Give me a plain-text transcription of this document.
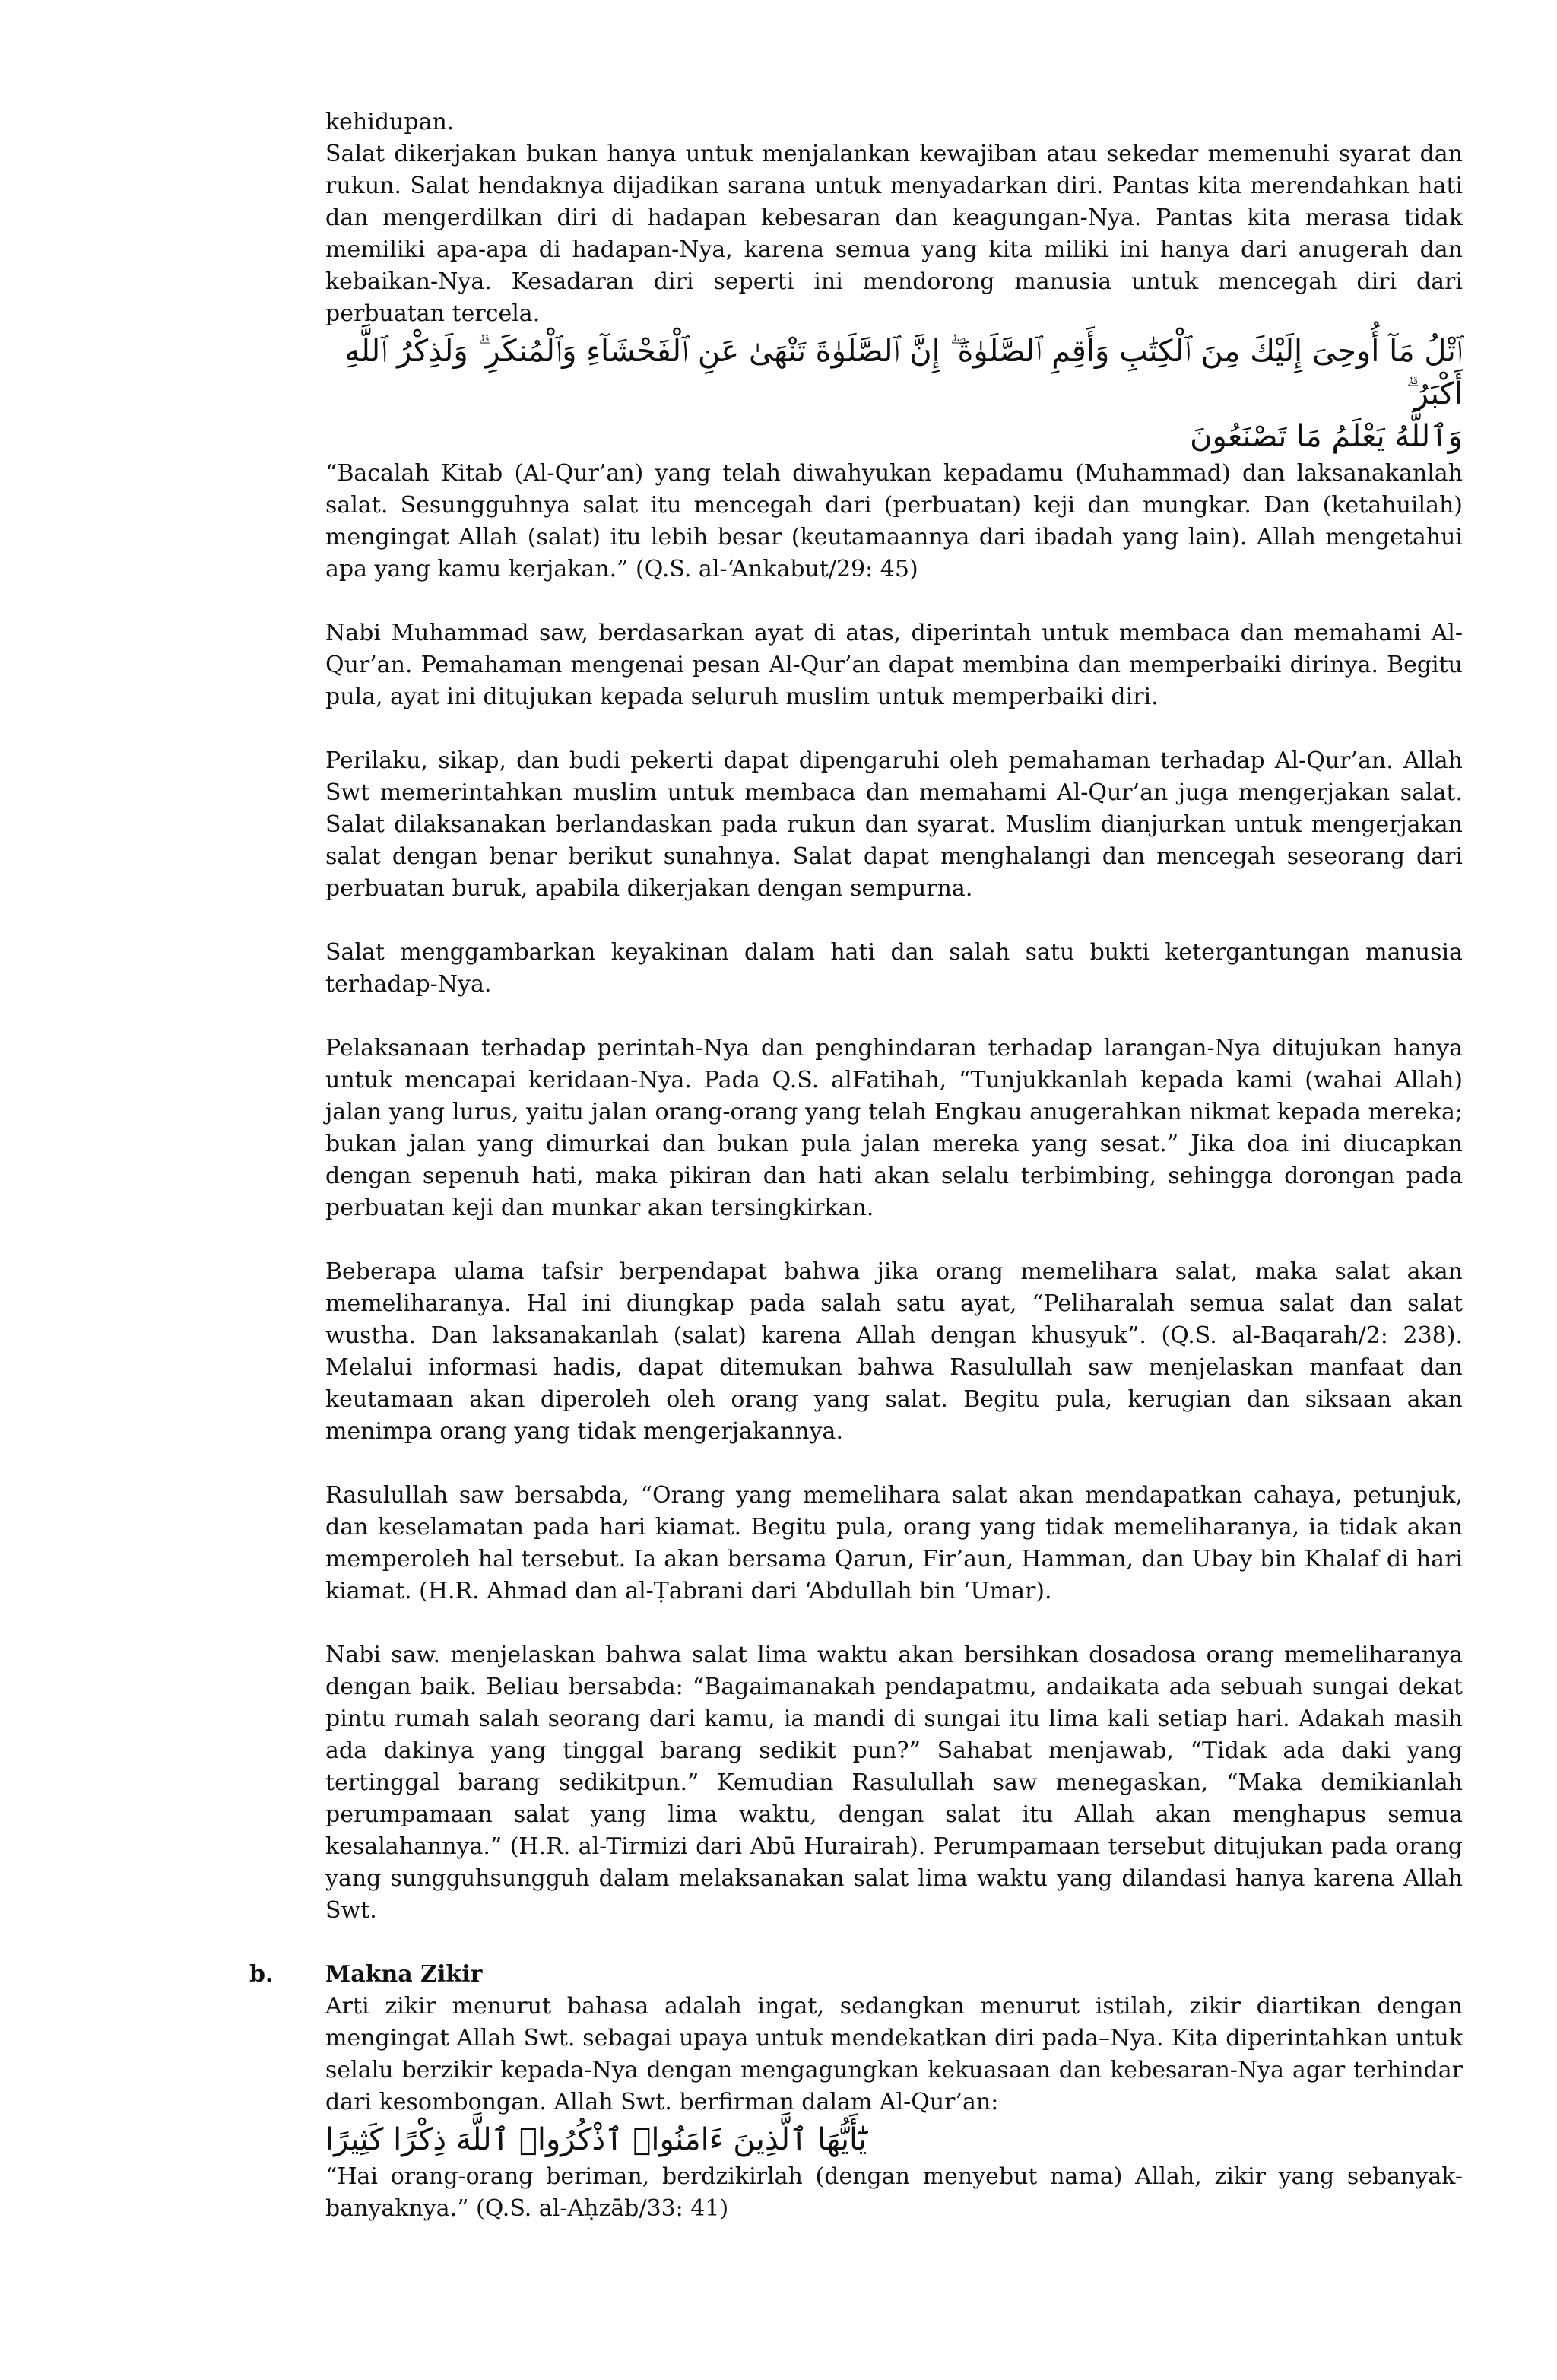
kehidupan.

Salat dikerjakan bukan hanya untuk menjalankan kewajiban atau sekedar memenuhi syarat dan rukun. Salat hendaknya dijadikan sarana untuk menyadarkan diri. Pantas kita merendahkan hati dan mengerdilkan diri di hadapan kebesaran dan keagungan-Nya. Pantas kita merasa tidak memiliki apa-apa di hadapan-Nya, karena semua yang kita miliki ini hanya dari anugerah dan kebaikan-Nya. Kesadaran diri seperti ini mendorong manusia untuk mencegah diri dari perbuatan tercela.

ٱتْلُ مَآ أُوحِىَ إِلَيْكَ مِنَ ٱلْكِتَٰبِ وَأَقِمِ ٱلصَّلَوٰةَ ۖ إِنَّ ٱلصَّلَوٰةَ تَنْهَىٰ عَنِ ٱلْفَحْشَآءِ وَٱلْمُنكَرِ ۗ وَلَذِكْرُ ٱللَّهِ أَكْبَرُ ۗ
وَٱللَّهُ يَعْلَمُ مَا تَصْنَعُونَ

“Bacalah Kitab (Al-Qur’an) yang telah diwahyukan kepadamu (Muhammad) dan laksanakanlah salat. Sesungguhnya salat itu mencegah dari (perbuatan) keji dan mungkar. Dan (ketahuilah) mengingat Allah (salat) itu lebih besar (keutamaannya dari ibadah yang lain). Allah mengetahui apa yang kamu kerjakan.” (Q.S. al-‘Ankabut/29: 45)

Nabi Muhammad saw, berdasarkan ayat di atas, diperintah untuk membaca dan memahami Al-Qur’an. Pemahaman mengenai pesan Al-Qur’an dapat membina dan memperbaiki dirinya. Begitu pula, ayat ini ditujukan kepada seluruh muslim untuk memperbaiki diri.

Perilaku, sikap, dan budi pekerti dapat dipengaruhi oleh pemahaman terhadap Al-Qur’an. Allah Swt memerintahkan muslim untuk membaca dan memahami Al-Qur’an juga mengerjakan salat. Salat dilaksanakan berlandaskan pada rukun dan syarat. Muslim dianjurkan untuk mengerjakan salat dengan benar berikut sunahnya. Salat dapat menghalangi dan mencegah seseorang dari perbuatan buruk, apabila dikerjakan dengan sempurna.

Salat menggambarkan keyakinan dalam hati dan salah satu bukti ketergantungan manusia terhadap-Nya.

Pelaksanaan terhadap perintah-Nya dan penghindaran terhadap larangan-Nya ditujukan hanya untuk mencapai keridaan-Nya. Pada Q.S. alFatihah, “Tunjukkanlah kepada kami (wahai Allah) jalan yang lurus, yaitu jalan orang-orang yang telah Engkau anugerahkan nikmat kepada mereka; bukan jalan yang dimurkai dan bukan pula jalan mereka yang sesat.” Jika doa ini diucapkan dengan sepenuh hati, maka pikiran dan hati akan selalu terbimbing, sehingga dorongan pada perbuatan keji dan munkar akan tersingkirkan.

Beberapa ulama tafsir berpendapat bahwa jika orang memelihara salat, maka salat akan memeliharanya. Hal ini diungkap pada salah satu ayat, “Peliharalah semua salat dan salat wustha. Dan laksanakanlah (salat) karena Allah dengan khusyuk”. (Q.S. al-Baqarah/2: 238). Melalui informasi hadis, dapat ditemukan bahwa Rasulullah saw menjelaskan manfaat dan keutamaan akan diperoleh oleh orang yang salat. Begitu pula, kerugian dan siksaan akan menimpa orang yang tidak mengerjakannya.

Rasulullah saw bersabda, “Orang yang memelihara salat akan mendapatkan cahaya, petunjuk, dan keselamatan pada hari kiamat. Begitu pula, orang yang tidak memeliharanya, ia tidak akan memperoleh hal tersebut. Ia akan bersama Qarun, Fir’aun, Hamman, dan Ubay bin Khalaf di hari kiamat. (H.R. Ahmad dan al-Ṭabrani dari ‘Abdullah bin ‘Umar).

Nabi saw. menjelaskan bahwa salat lima waktu akan bersihkan dosadosa orang memeliharanya dengan baik. Beliau bersabda: “Bagaimanakah pendapatmu, andaikata ada sebuah sungai dekat pintu rumah salah seorang dari kamu, ia mandi di sungai itu lima kali setiap hari. Adakah masih ada dakinya yang tinggal barang sedikit pun?” Sahabat menjawab, “Tidak ada daki yang tertinggal barang sedikitpun.” Kemudian Rasulullah saw menegaskan, “Maka demikianlah perumpamaan salat yang lima waktu, dengan salat itu Allah akan menghapus semua kesalahannya.” (H.R. al-Tirmizi dari Abū Hurairah). Perumpamaan tersebut ditujukan pada orang yang sungguhsungguh dalam melaksanakan salat lima waktu yang dilandasi hanya karena Allah Swt.

b.	Makna Zikir

Arti zikir menurut bahasa adalah ingat, sedangkan menurut istilah, zikir diartikan dengan mengingat Allah Swt. sebagai upaya untuk mendekatkan diri pada–Nya. Kita diperintahkan untuk selalu berzikir kepada-Nya dengan mengagungkan kekuasaan dan kebesaran-Nya agar terhindar dari kesombongan. Allah Swt. berfirman dalam Al-Qur’an:

يَٰٓأَيُّهَا ٱلَّذِينَ ءَامَنُوا۟ ٱذْكُرُوا۟ ٱللَّهَ ذِكْرًا كَثِيرًا

“Hai orang-orang beriman, berdzikirlah (dengan menyebut nama) Allah, zikir yang sebanyak-banyaknya.” (Q.S. al-Aḥzāb/33: 41)
